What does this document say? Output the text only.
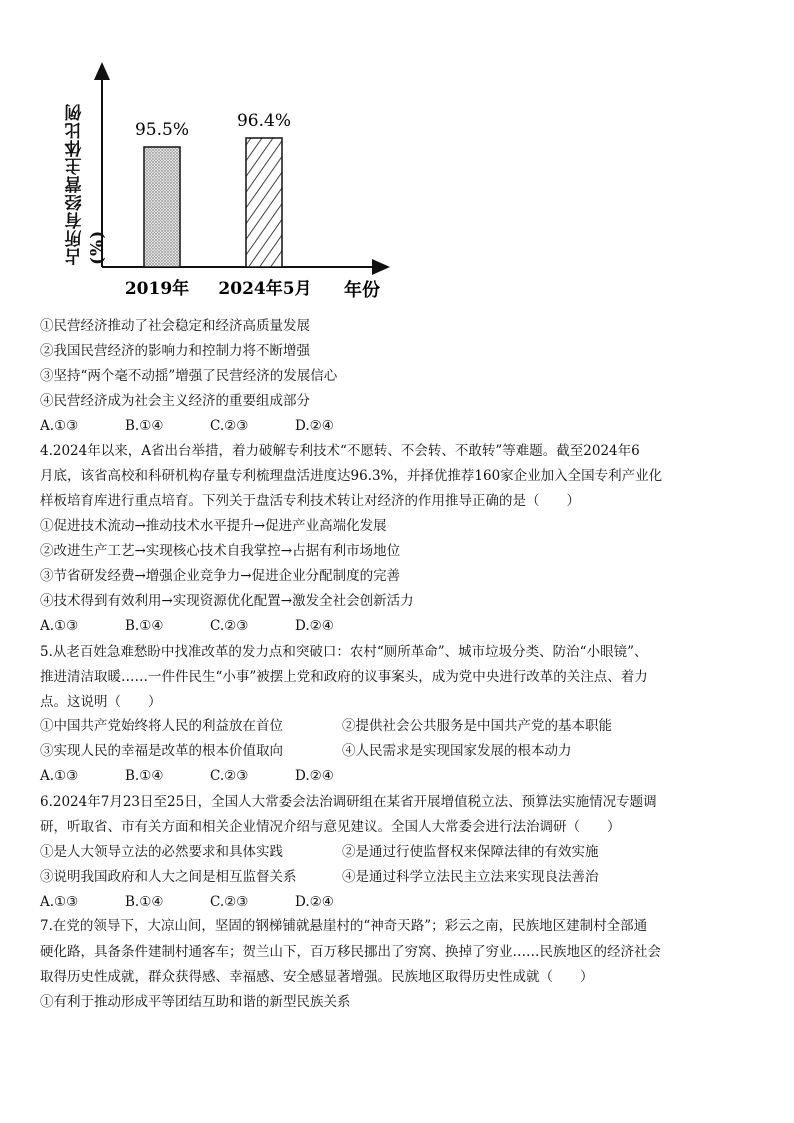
占所有经营主体比例(%)
95.5%
2019年
96.4%
2024年5月 年份
①民营经济推动了社会稳定和经济高质量发展
②我国民营经济的影响力和控制力将不断增强
③坚持“两个毫不动摇”增强了民营经济的发展信心
④民营经济成为社会主义经济的重要组成部分
A.①③	B.①④	C.②③	D.②④
4.2024年以来，A省出台举措，着力破解专利技术“不愿转、不会转、不敢转”等难题。截至2024年6
月底，该省高校和科研机构存量专利梳理盘活进度达96.3%，并择优推荐160家企业加入全国专利产业化
样板培育库进行重点培育。下列关于盘活专利技术转让对经济的作用推导正确的是（　　）
①促进技术流动→推动技术水平提升→促进产业高端化发展
②改进生产工艺→实现核心技术自我掌控→占据有利市场地位
③节省研发经费→增强企业竞争力→促进企业分配制度的完善
④技术得到有效利用→实现资源优化配置→激发全社会创新活力
A.①③	B.①④	C.②③	D.②④
5.从老百姓急难愁盼中找准改革的发力点和突破口：农村“厕所革命”、城市垃圾分类、防治“小眼镜”、
推进清洁取暖……一件件民生“小事”被摆上党和政府的议事案头，成为党中央进行改革的关注点、着力
点。这说明（　　）
①中国共产党始终将人民的利益放在首位	②提供社会公共服务是中国共产党的基本职能
③实现人民的幸福是改革的根本价值取向	④人民需求是实现国家发展的根本动力
A.①③	B.①④	C.②③	D.②④
6.2024年7月23日至25日，全国人大常委会法治调研组在某省开展增值税立法、预算法实施情况专题调
研，听取省、市有关方面和相关企业情况介绍与意见建议。全国人大常委会进行法治调研（　　）
①是人大领导立法的必然要求和具体实践	②是通过行使监督权来保障法律的有效实施
③说明我国政府和人大之间是相互监督关系	④是通过科学立法民主立法来实现良法善治
A.①③	B.①④	C.②③	D.②④
7.在党的领导下，大凉山间，坚固的钢梯铺就悬崖村的“神奇天路”；彩云之南，民族地区建制村全部通
硬化路，具备条件建制村通客车；贺兰山下，百万移民挪出了穷窝、换掉了穷业……民族地区的经济社会
取得历史性成就，群众获得感、幸福感、安全感显著增强。民族地区取得历史性成就（　　）
①有利于推动形成平等团结互助和谐的新型民族关系
